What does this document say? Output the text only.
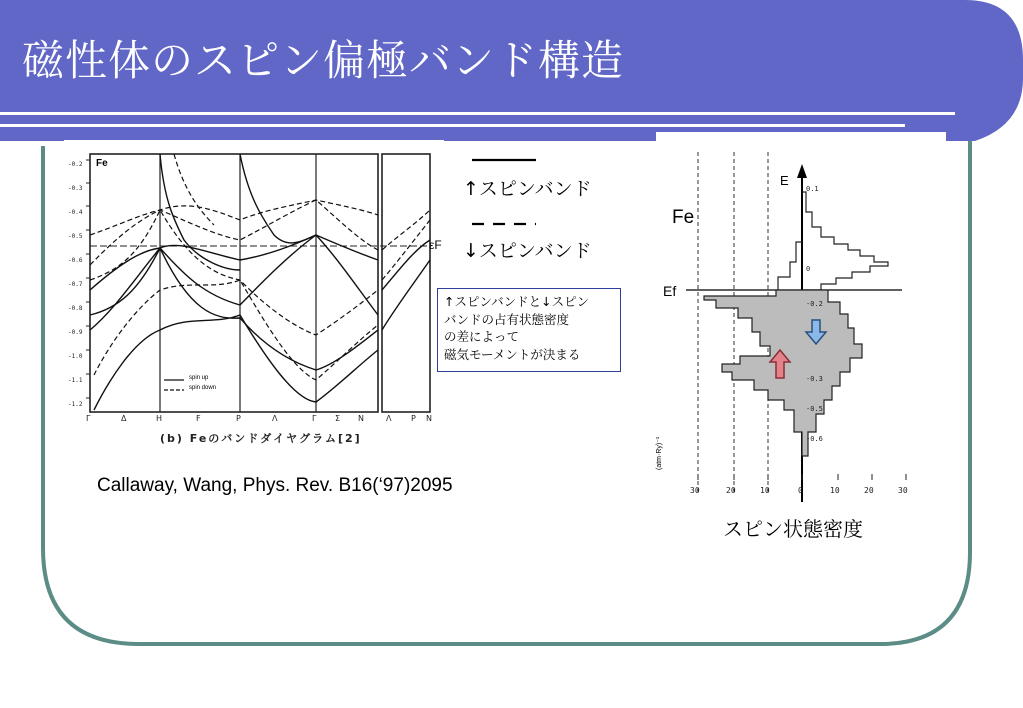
磁性体のスピン偏極バンド構造
Fe
εF
spin up
spin down
-0.2
-0.3
-0.4
-0.5
-0.6
-0.7
-0.8
-0.9
-1.0
-1.1
-1.2
Γ	Δ	H	F	P	Λ	Γ Σ N	Λ P N
(b) Feのバンドダイヤグラム[2]
↑スピンバンド
↓スピンバンド
↑スピンバンドと↓スピン
バンドの占有状態密度
の差によって
磁気モーメントが決まる
Callaway, Wang, Phys. Rev. B16(‘97)2095
E
Fe
Ef
30	20	10	0	10	20	30
(atm·Ry)⁻¹
0.1
0
-0.2
-0.3
-0.5
-0.6
スピン状態密度
